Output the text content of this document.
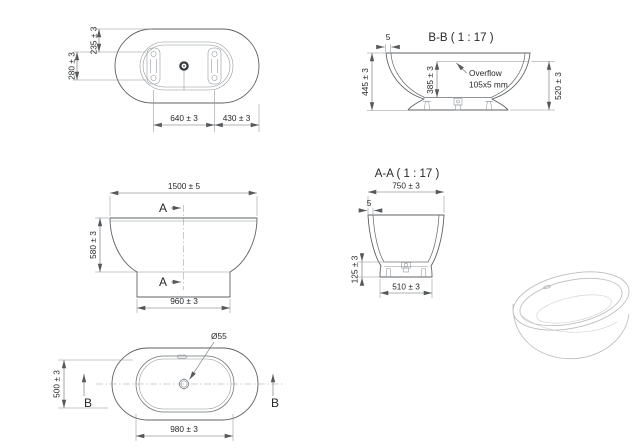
235 ± 3
280 ± 3
640 ± 3	430 ± 3
B-B ( 1 : 17 )
5
445 ± 3	385 ± 3	Overflow
105x5 mm	520 ± 3
1500 ± 5
A
A
580 ± 3
960 ± 3
A-A ( 1 : 17 )
750 ± 3
5
125 ± 3
510 ± 3
Ø55
500 ± 3
B	B
980 ± 3
